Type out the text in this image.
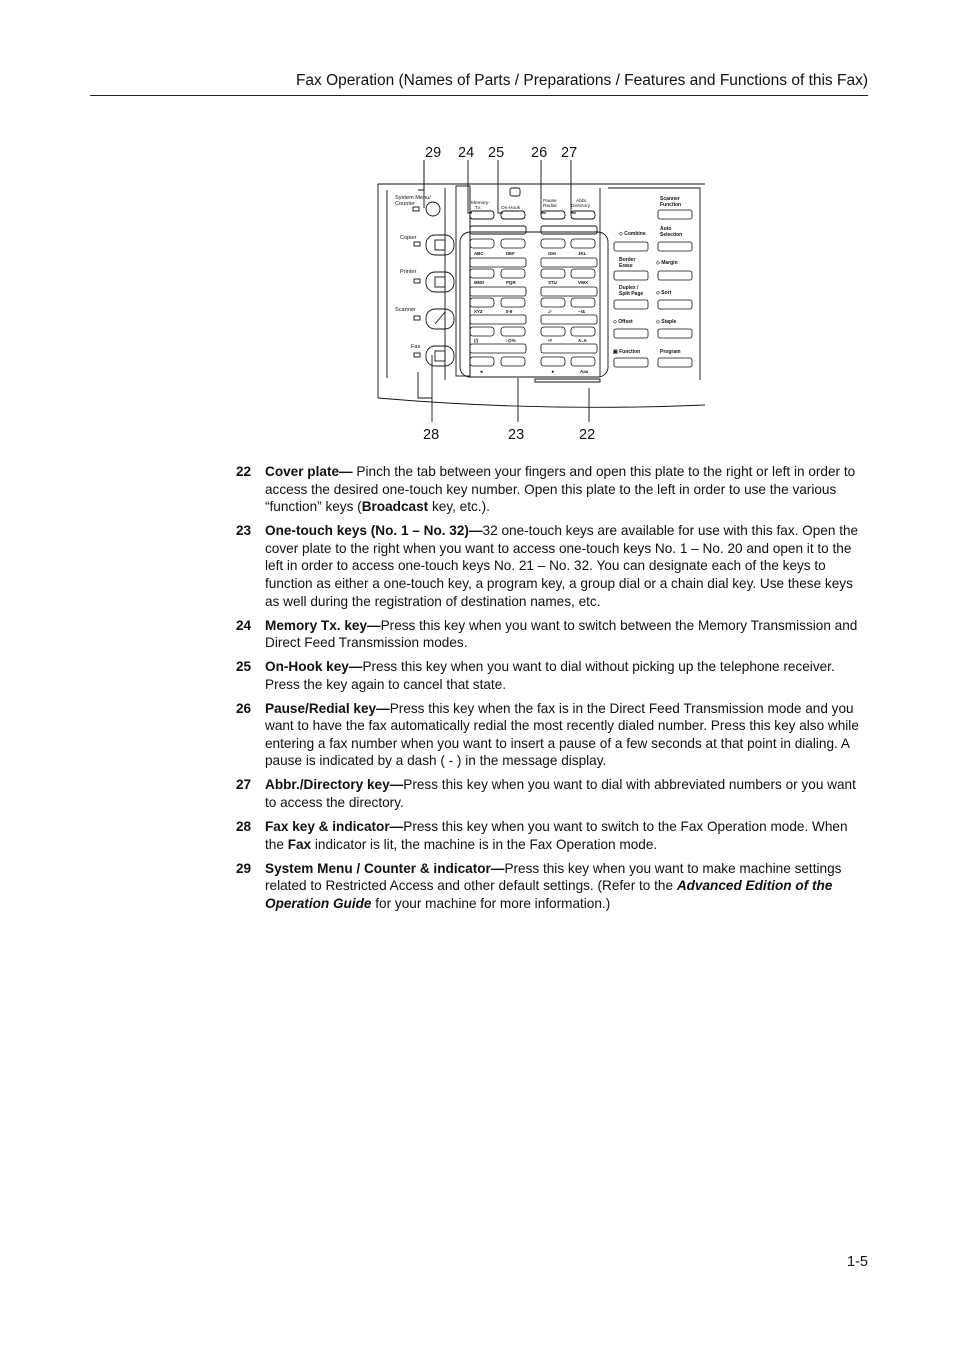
Fax Operation (Names of Parts / Preparations / Features and Functions of this Fax)
29 24 25 26 27
28	23	22
System Menu/
Counter
Copier
Printer
Scanner
Fax
Memory-
Tx.	On-Hook
Pause
Redial
Abbr.
Directory
ABC	DEF	GHI	JKL
MNO	PQR	STU	VWX
XYZ	0-9	./-	~!&
(/)	:@%	•#	A..A
◄	►	Aaa
Scanner
Function
◇ Combine
Auto
Selection
Border
Erase	◇ Margin
Duplex /
Split Page	◇ Sort
◇ Offset	◇ Staple
▣ Function	Program
22	Cover plate— Pinch the tab between your fingers and open this plate to the right or left in order to access the desired one-touch key number. Open this plate to the left in order to use the various “function” keys (Broadcast key, etc.).
23	One-touch keys (No. 1 – No. 32)—32 one-touch keys are available for use with this fax. Open the cover plate to the right when you want to access one-touch keys No. 1 – No. 20 and open it to the left in order to access one-touch keys No. 21 – No. 32. You can designate each of the keys to function as either a one-touch key, a program key, a group dial or a chain dial key. Use these keys as well during the registration of destination names, etc.
24	Memory Tx. key—Press this key when you want to switch between the Memory Transmission and Direct Feed Transmission modes.
25	On-Hook key—Press this key when you want to dial without picking up the telephone receiver. Press the key again to cancel that state.
26	Pause/Redial key—Press this key when the fax is in the Direct Feed Transmission mode and you want to have the fax automatically redial the most recently dialed number. Press this key also while entering a fax number when you want to insert a pause of a few seconds at that point in dialing. A pause is indicated by a dash ( - ) in the message display.
27	Abbr./Directory key—Press this key when you want to dial with abbreviated numbers or you want to access the directory.
28	Fax key & indicator—Press this key when you want to switch to the Fax Operation mode. When the Fax indicator is lit, the machine is in the Fax Operation mode.
29	System Menu / Counter & indicator—Press this key when you want to make machine settings related to Restricted Access and other default settings. (Refer to the Advanced Edition of the Operation Guide for your machine for more information.)
1-5
